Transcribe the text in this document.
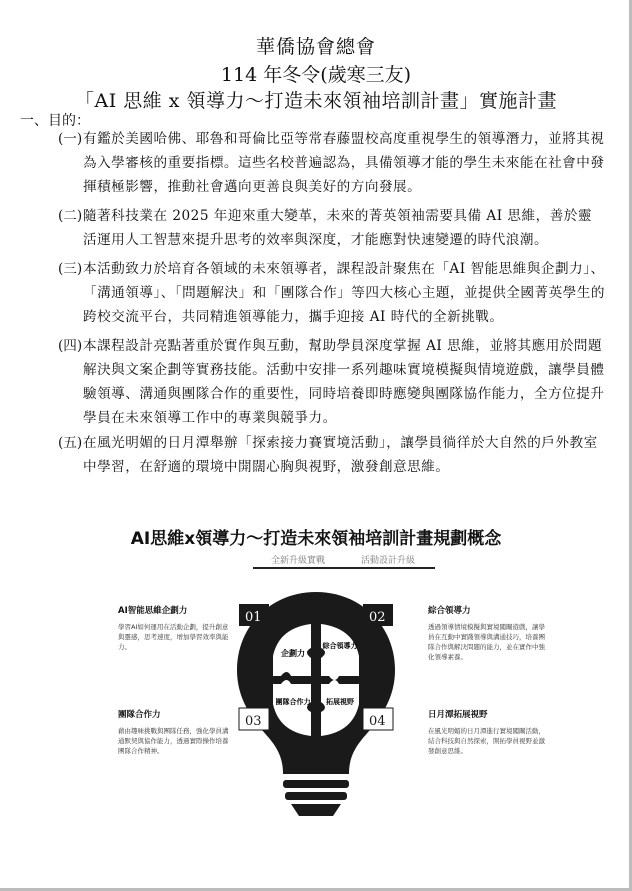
華僑協會總會
114 年冬令(歲寒三友)
「AI 思維 x 領導力～打造未來領袖培訓計畫」實施計畫
一、目的：
(一) 有鑑於美國哈佛、耶魯和哥倫比亞等常春藤盟校高度重視學生的領導潛力，並將其視為入學審核的重要指標。這些名校普遍認為，具備領導才能的學生未來能在社會中發揮積極影響，推動社會邁向更善良與美好的方向發展。
(二) 隨著科技業在 2025 年迎來重大變革，未來的菁英領袖需要具備 AI 思維，善於靈活運用人工智慧來提升思考的效率與深度，才能應對快速變遷的時代浪潮。
(三) 本活動致力於培育各領域的未來領導者，課程設計聚焦在「AI 智能思維與企劃力」、「溝通領導」、「問題解決」和「團隊合作」等四大核心主題，並提供全國菁英學生的跨校交流平台，共同精進領導能力，攜手迎接 AI 時代的全新挑戰。
(四) 本課程設計亮點著重於實作與互動，幫助學員深度掌握 AI 思維，並將其應用於問題解決與文案企劃等實務技能。活動中安排一系列趣味實境模擬與情境遊戲，讓學員體驗領導、溝通與團隊合作的重要性，同時培養即時應變與團隊協作能力，全方位提升學員在未來領導工作中的專業與競爭力。
(五) 在風光明媚的日月潭舉辦「探索接力賽實境活動」，讓學員徜徉於大自然的戶外教室中學習，在舒適的環境中開闊心胸與視野，激發創意思維。
AI思維x領導力～打造未來領袖培訓計畫規劃概念
全新升級實戰	活動設計升級
企劃力
綜合領導力
團隊合作力 拓展視野
01	02
03	04
AI智能思維企劃力
學習AI如何運用在活動企劃，提升創意與靈感，思考速度，增加學習效率與能力。
綜合領導力
透過領導情境模擬與實境闖關遊戲，讓學員在互動中實踐領導與溝通技巧，培養團隊合作與解決問題的能力，並在實作中強化領導素養。
團隊合作力
藉由趣味挑戰與團隊任務，強化學員溝通默契與協作能力，透過實際操作培養團隊合作精神。
日月潭拓展視野
在風光明媚的日月潭進行實境闖關活動，結合科技與自然探索，開拓學員視野並激發創意思維。
